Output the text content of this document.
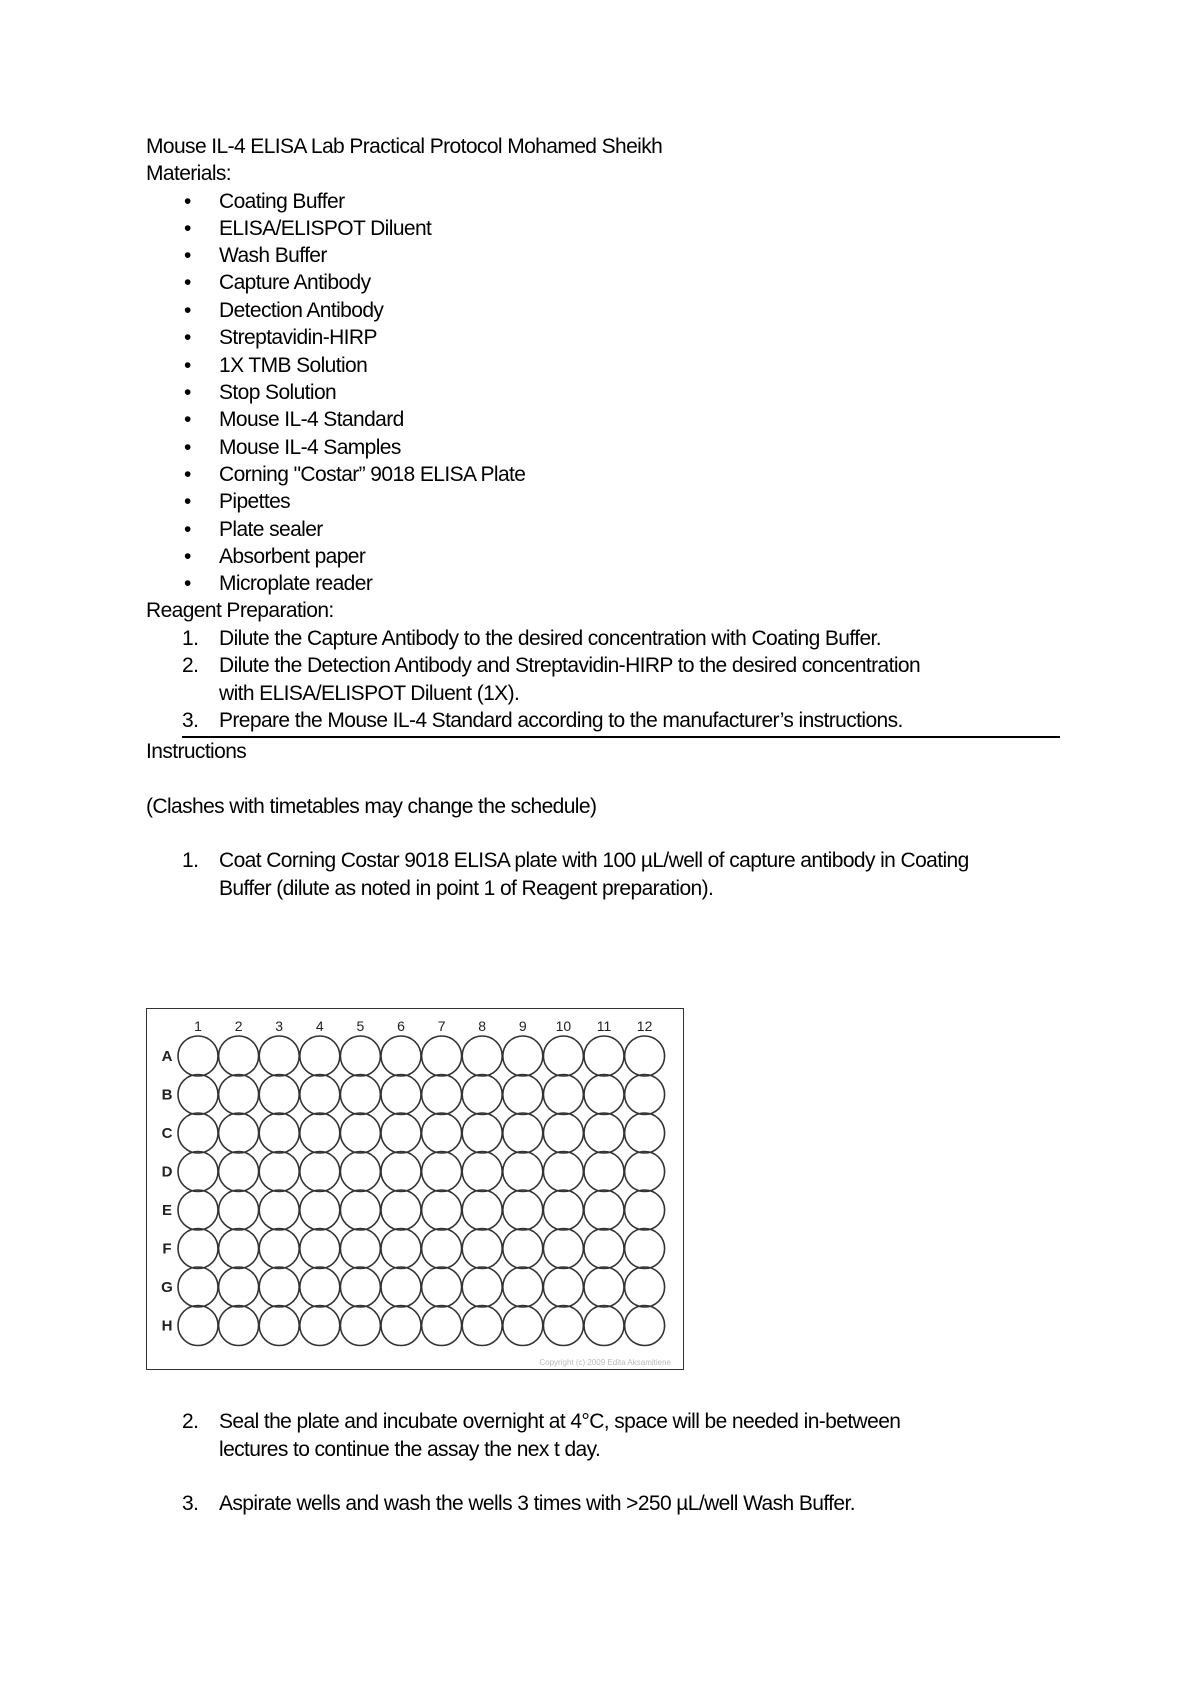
Mouse IL-4 ELISA Lab Practical Protocol Mohamed Sheikh
Materials:
•	Coating Buffer
•	ELISA/ELISPOT Diluent
•	Wash Buffer
•	Capture Antibody
•	Detection Antibody
•	Streptavidin-HIRP
•	1X TMB Solution
•	Stop Solution
•	Mouse IL-4 Standard
•	Mouse IL-4 Samples
•	Corning "Costar” 9018 ELISA Plate
•	Pipettes
•	Plate sealer
•	Absorbent paper
•	Microplate reader
Reagent Preparation:
1. Dilute the Capture Antibody to the desired concentration with Coating Buffer.
2. Dilute the Detection Antibody and Streptavidin-HIRP to the desired concentration
with ELISA/ELISPOT Diluent (1X).
3. Prepare the Mouse IL-4 Standard according to the manufacturer’s instructions.
Instructions
(Clashes with timetables may change the schedule)
1. Coat Corning Costar 9018 ELISA plate with 100 µL/well of capture antibody in Coating
Buffer (dilute as noted in point 1 of Reagent preparation).
1 2 3 4 5 6 7 8 9 10 11 12
A
B
C
D
E
F
G
H
Copyright (c) 2009 Edita Aksamitiene
2. Seal the plate and incubate overnight at 4°C, space will be needed in-between
lectures to continue the assay the nex t day.
3. Aspirate wells and wash the wells 3 times with >250 µL/well Wash Buffer.
